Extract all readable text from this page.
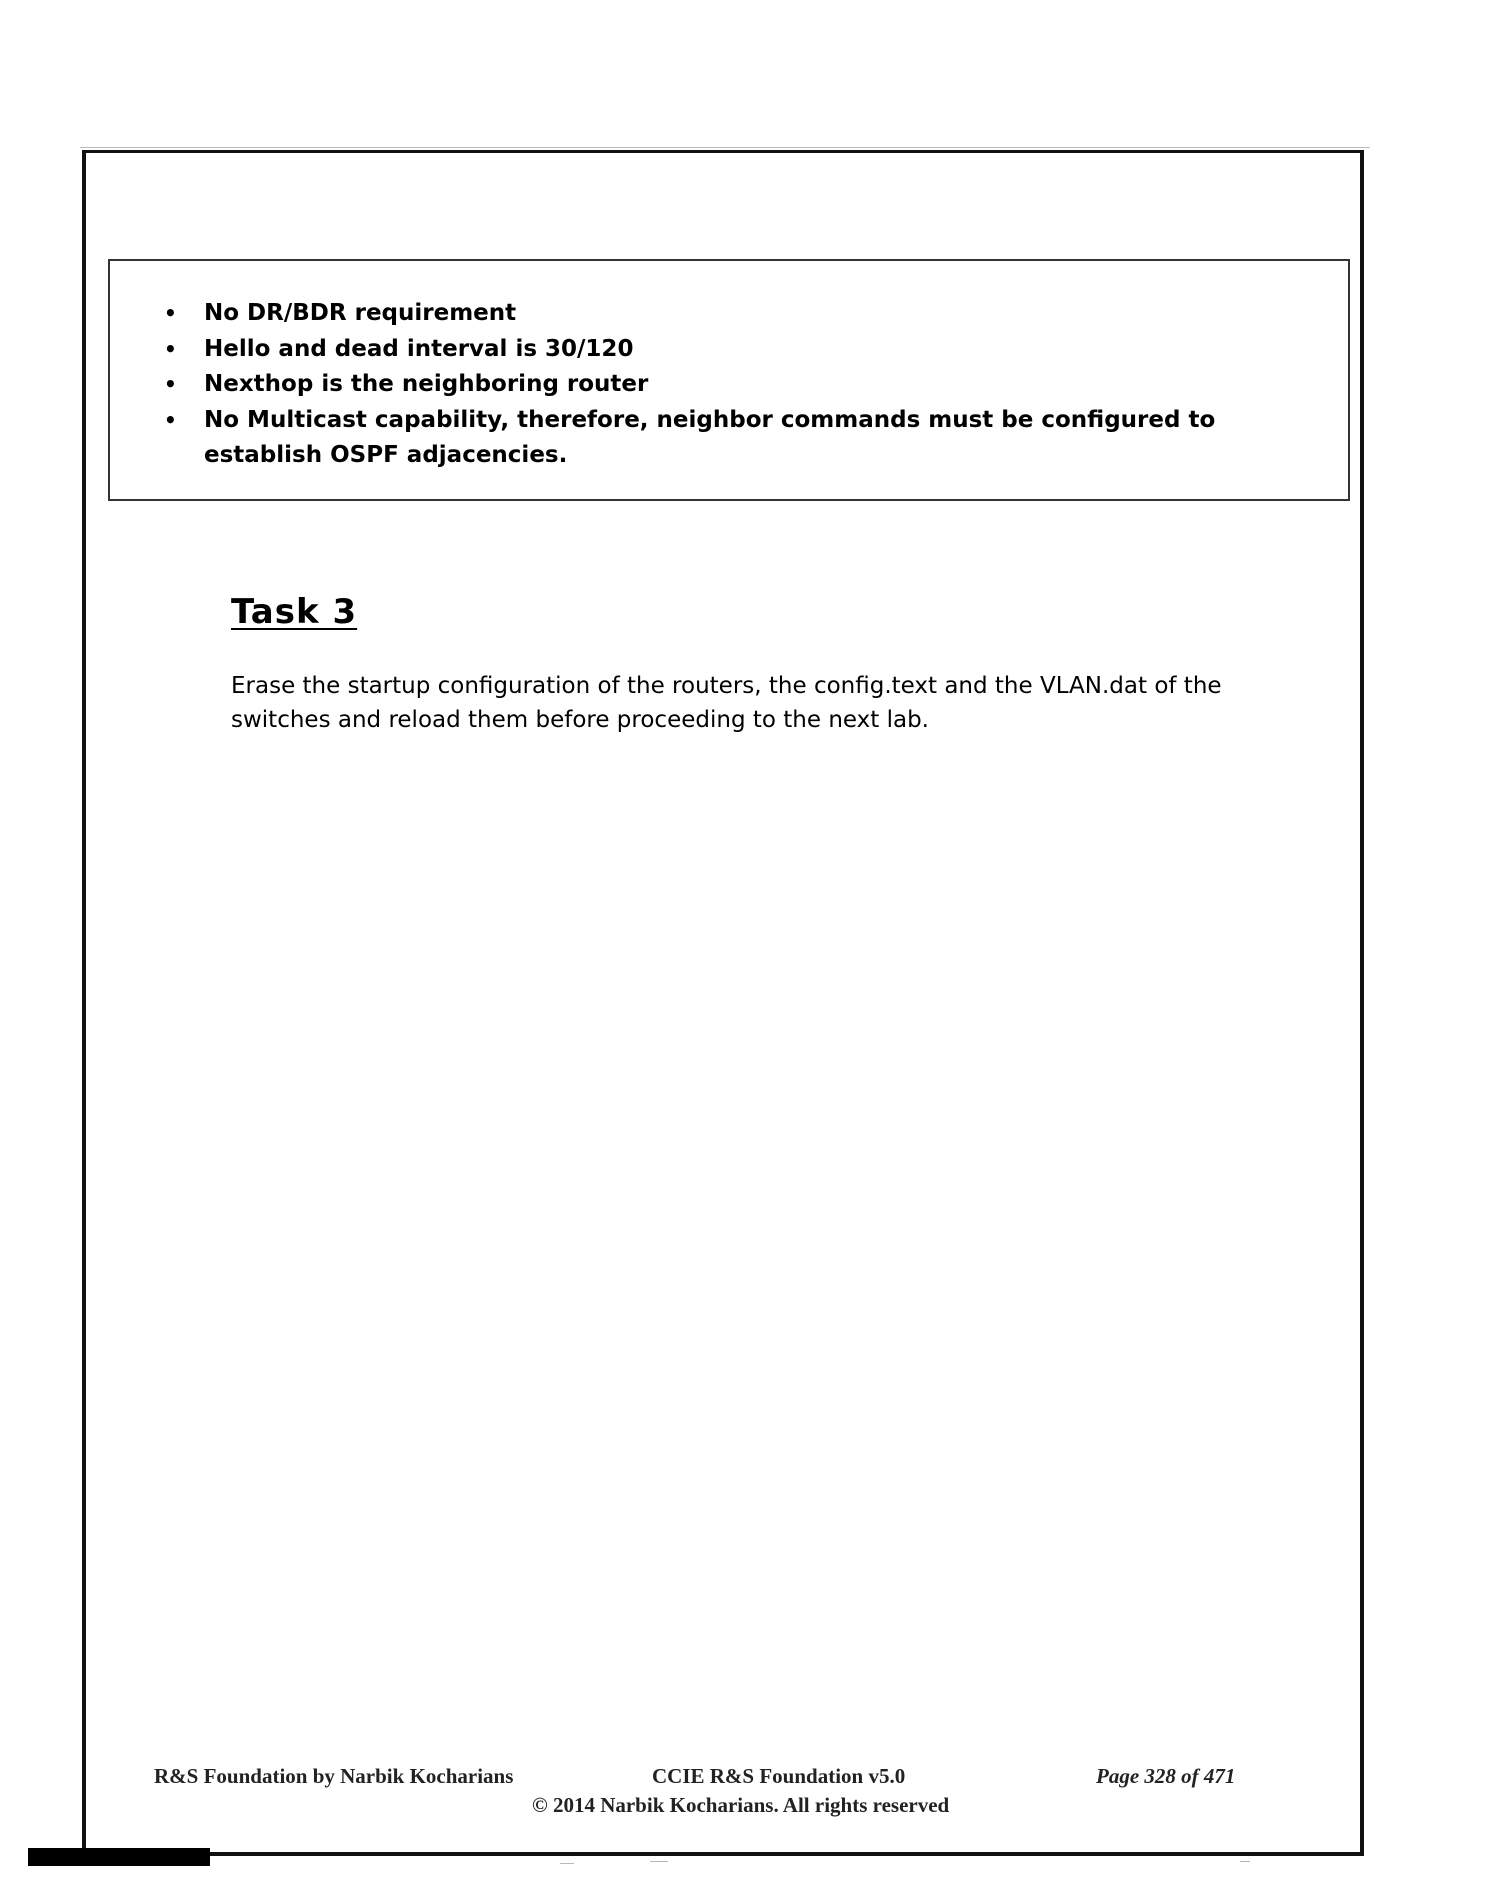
• No DR/BDR requirement
• Hello and dead interval is 30/120
• Nexthop is the neighboring router
• No Multicast capability, therefore, neighbor commands must be configured to establish OSPF adjacencies.
Task 3

Erase the startup configuration of the routers, the config.text and the VLAN.dat of the switches and reload them before proceeding to the next lab.

R&S Foundation by Narbik Kocharians	CCIE R&S Foundation v5.0	Page 328 of 471
© 2014 Narbik Kocharians. All rights reserved
